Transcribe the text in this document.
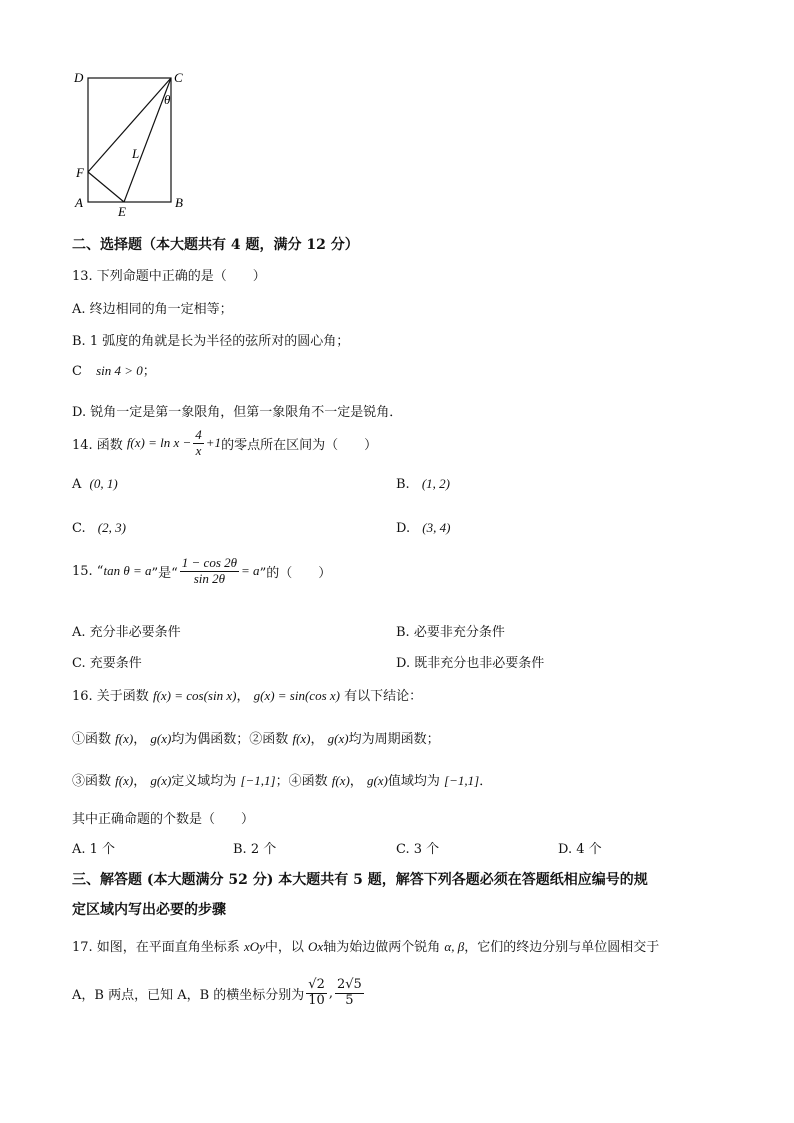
D	C
θ
L
F
A
E
B
二、选择题（本大题共有 4 题，满分 12 分）
13. 下列命题中正确的是（　　）
A. 终边相同的角一定相等；
B. 1 弧度的角就是长为半径的弦所对的圆心角；
C sin 4 > 0；
D. 锐角一定是第一象限角，但第一象限角不一定是锐角．
14. 函数 $f(x) = \ln x - \frac{4}{x} +1$ 的零点所在区间为（　　）
A (0, 1)	B. (1, 2)
C. (2, 3)	D. (3, 4)
15. “ tan θ = a ”是“ $\frac{1 - \cos 2\theta}{\sin 2\theta} = a$ ”的（　　）
A. 充分非必要条件	B. 必要非充分条件
C. 充要条件	D. 既非充分也非必要条件
16. 关于函数 f(x) = cos(sin x)， g(x) = sin(cos x) 有以下结论：
①函数 f(x)， g(x)均为偶函数；②函数 f(x)， g(x)均为周期函数；
③函数 f(x)， g(x)定义域均为 [−1,1]；④函数 f(x)， g(x)值域均为 [−1,1]．
其中正确命题的个数是（　　）
A. 1 个	B. 2 个	C. 3 个	D. 4 个
三、解答题 (本大题满分 52 分) 本大题共有 5 题，解答下列各题必须在答题纸相应编号的规
定区域内写出必要的步骤
17. 如图，在平面直角坐标系 xOy中，以 Ox轴为始边做两个锐角 α, β，它们的终边分别与单位圆相交于
A，B 两点，已知 A，B 的横坐标分别为 $\frac{√2}{10}$ , $\frac{2√5}{5}$
